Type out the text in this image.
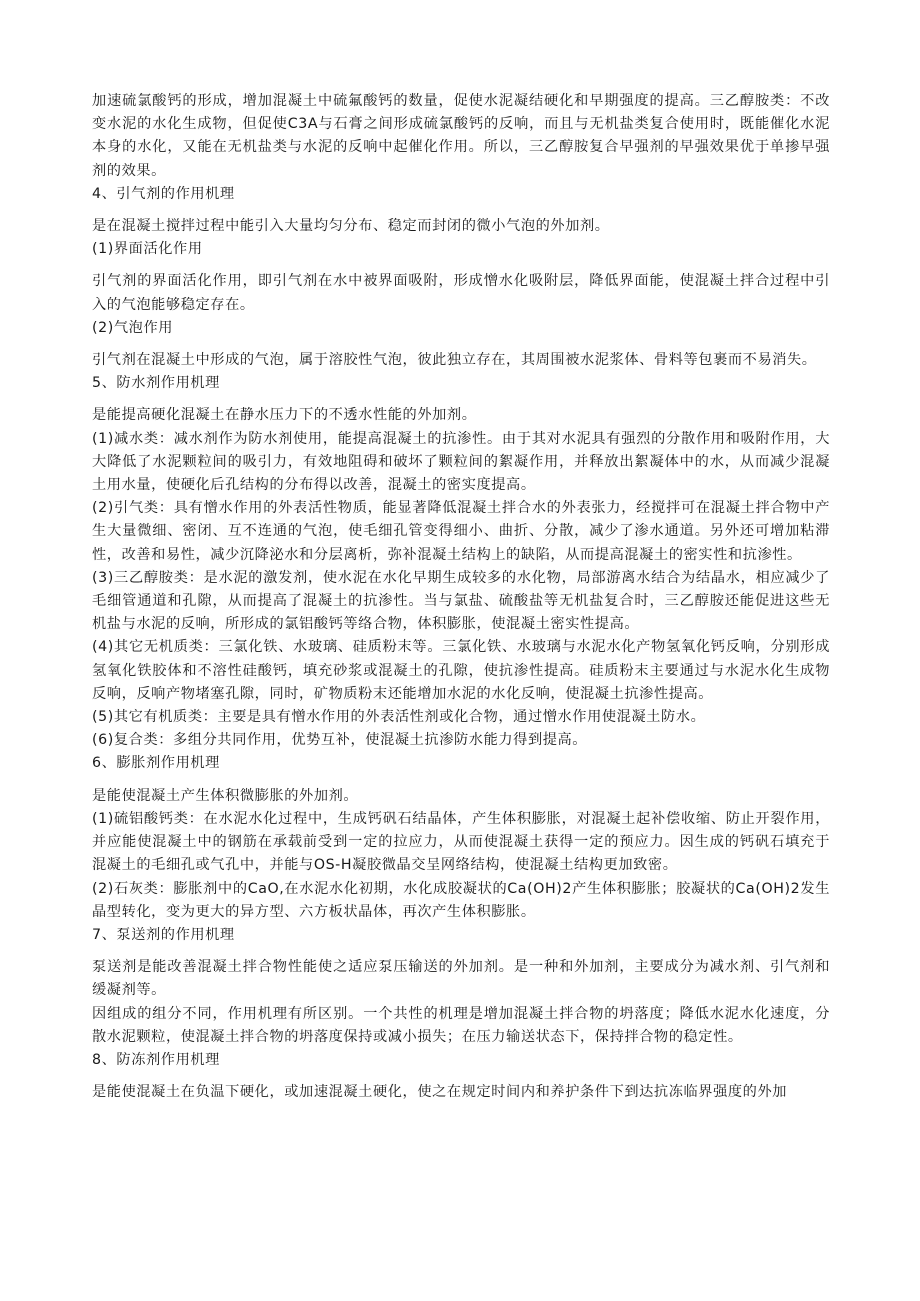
加速硫氯酸钙的形成，增加混凝土中硫氟酸钙的数量，促使水泥凝结硬化和早期强度的提高。三乙醇胺类：不改变水泥的水化生成物，但促使C3A与石膏之间形成硫氯酸钙的反响，而且与无机盐类复合使用时，既能催化水泥本身的水化，又能在无机盐类与水泥的反响中起催化作用。所以，三乙醇胺复合早强剂的早强效果优于单掺早强剂的效果。

4、引气剂的作用机理

是在混凝土搅拌过程中能引入大量均匀分布、稳定而封闭的微小气泡的外加剂。

(1)界面活化作用

引气剂的界面活化作用，即引气剂在水中被界面吸附，形成憎水化吸附层，降低界面能，使混凝土拌合过程中引入的气泡能够稳定存在。

(2)气泡作用

引气剂在混凝土中形成的气泡，属于溶胶性气泡，彼此独立存在，其周围被水泥浆体、骨料等包裹而不易消失。

5、防水剂作用机理

是能提高硬化混凝土在静水压力下的不透水性能的外加剂。

(1)减水类：减水剂作为防水剂使用，能提高混凝土的抗渗性。由于其对水泥具有强烈的分散作用和吸附作用，大大降低了水泥颗粒间的吸引力，有效地阻碍和破坏了颗粒间的絮凝作用，并释放出絮凝体中的水，从而减少混凝土用水量，使硬化后孔结构的分布得以改善，混凝土的密实度提高。

(2)引气类：具有憎水作用的外表活性物质，能显著降低混凝土拌合水的外表张力，经搅拌可在混凝土拌合物中产生大量微细、密闭、互不连通的气泡，使毛细孔管变得细小、曲折、分散，减少了渗水通道。另外还可增加粘滞性，改善和易性，减少沉降泌水和分层离析，弥补混凝土结构上的缺陷，从而提高混凝土的密实性和抗渗性。

(3)三乙醇胺类：是水泥的激发剂，使水泥在水化早期生成较多的水化物，局部游离水结合为结晶水，相应减少了毛细管通道和孔隙，从而提高了混凝土的抗渗性。当与氯盐、硫酸盐等无机盐复合时，三乙醇胺还能促进这些无机盐与水泥的反响，所形成的氯铝酸钙等络合物，体积膨胀，使混凝土密实性提高。

(4)其它无机质类：三氯化铁、水玻璃、硅质粉末等。三氯化铁、水玻璃与水泥水化产物氢氧化钙反响，分别形成氢氧化铁胶体和不溶性硅酸钙，填充砂浆或混凝土的孔隙，使抗渗性提高。硅质粉末主要通过与水泥水化生成物反响，反响产物堵塞孔隙，同时，矿物质粉末还能增加水泥的水化反响，使混凝土抗渗性提高。

(5)其它有机质类：主要是具有憎水作用的外表活性剂或化合物，通过憎水作用使混凝土防水。

(6)复合类：多组分共同作用，优势互补，使混凝土抗渗防水能力得到提高。

6、膨胀剂作用机理

是能使混凝土产生体积微膨胀的外加剂。

(1)硫铝酸钙类：在水泥水化过程中，生成钙矾石结晶体，产生体积膨胀，对混凝土起补偿收缩、防止开裂作用，并应能使混凝土中的钢筋在承载前受到一定的拉应力，从而使混凝土获得一定的预应力。因生成的钙矾石填充于混凝土的毛细孔或气孔中，并能与OS-H凝胶微晶交呈网络结构，使混凝土结构更加致密。

(2)石灰类：膨胀剂中的CaO,在水泥水化初期，水化成胶凝状的Ca(OH)2产生体积膨胀；胶凝状的Ca(OH)2发生晶型转化，变为更大的异方型、六方板状晶体，再次产生体积膨胀。

7、泵送剂的作用机理

泵送剂是能改善混凝土拌合物性能使之适应泵压输送的外加剂。是一种和外加剂，主要成分为减水剂、引气剂和缓凝剂等。

因组成的组分不同，作用机理有所区别。一个共性的机理是增加混凝土拌合物的坍落度；降低水泥水化速度，分散水泥颗粒，使混凝土拌合物的坍落度保持或减小损失；在压力输送状态下，保持拌合物的稳定性。

8、防冻剂作用机理

是能使混凝土在负温下硬化，或加速混凝土硬化，使之在规定时间内和养护条件下到达抗冻临界强度的外加
